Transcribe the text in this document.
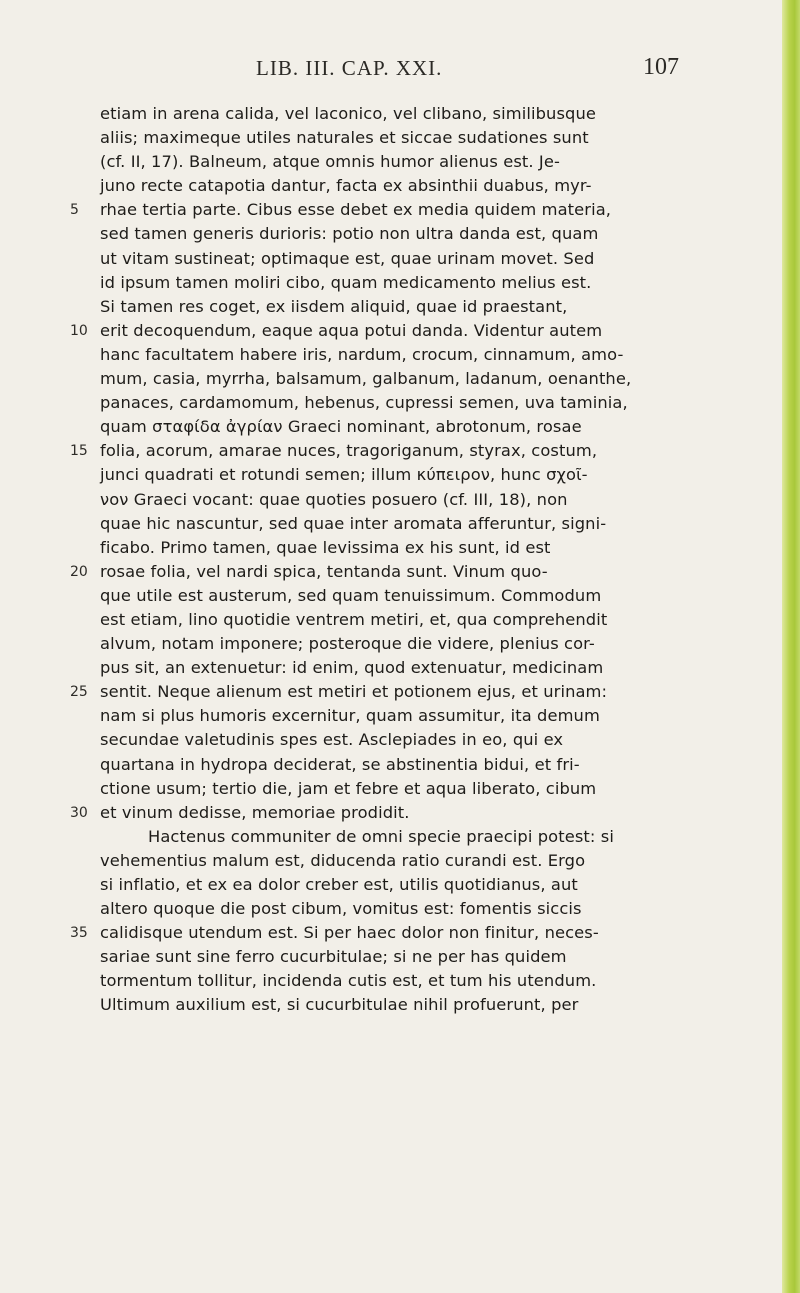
LIB. III. CAP. XXI.	107
etiam in arena calida, vel laconico, vel clibano, similibusque
aliis; maximeque utiles naturales et siccae sudationes sunt
(cf. II, 17). Balneum, atque omnis humor alienus est. Je-
juno recte catapotia dantur, facta ex absinthii duabus, myr-
5	rhae tertia parte. Cibus esse debet ex media quidem materia,
sed tamen generis durioris: potio non ultra danda est, quam
ut vitam sustineat; optimaque est, quae urinam movet. Sed
id ipsum tamen moliri cibo, quam medicamento melius est.
Si tamen res coget, ex iisdem aliquid, quae id praestant,
10 erit decoquendum, eaque aqua potui danda. Videntur autem
hanc facultatem habere iris, nardum, crocum, cinnamum, amo-
mum, casia, myrrha, balsamum, galbanum, ladanum, oenanthe,
panaces, cardamomum, hebenus, cupressi semen, uva taminia,
quam σταφίδα ἀγρίαν Graeci nominant, abrotonum, rosae
15 folia, acorum, amarae nuces, tragoriganum, styrax, costum,
junci quadrati et rotundi semen; illum κύπειρον, hunc σχοῖ-
νον Graeci vocant: quae quoties posuero (cf. III, 18), non
quae hic nascuntur, sed quae inter aromata afferuntur, signi-
ficabo. Primo tamen, quae levissima ex his sunt, id est
20 rosae folia, vel nardi spica, tentanda sunt. Vinum quo-
que utile est austerum, sed quam tenuissimum. Commodum
est etiam, lino quotidie ventrem metiri, et, qua comprehendit
alvum, notam imponere; posteroque die videre, plenius cor-
pus sit, an extenuetur: id enim, quod extenuatur, medicinam
25 sentit. Neque alienum est metiri et potionem ejus, et urinam:
nam si plus humoris excernitur, quam assumitur, ita demum
secundae valetudinis spes est. Asclepiades in eo, qui ex
quartana in hydropa deciderat, se abstinentia bidui, et fri-
ctione usum; tertio die, jam et febre et aqua liberato, cibum
30 et vinum dedisse, memoriae prodidit.
Hactenus communiter de omni specie praecipi potest: si
vehementius malum est, diducenda ratio curandi est. Ergo
si inflatio, et ex ea dolor creber est, utilis quotidianus, aut
altero quoque die post cibum, vomitus est: fomentis siccis
35 calidisque utendum est. Si per haec dolor non finitur, neces-
sariae sunt sine ferro cucurbitulae; si ne per has quidem
tormentum tollitur, incidenda cutis est, et tum his utendum.
Ultimum auxilium est, si cucurbitulae nihil profuerunt, per
